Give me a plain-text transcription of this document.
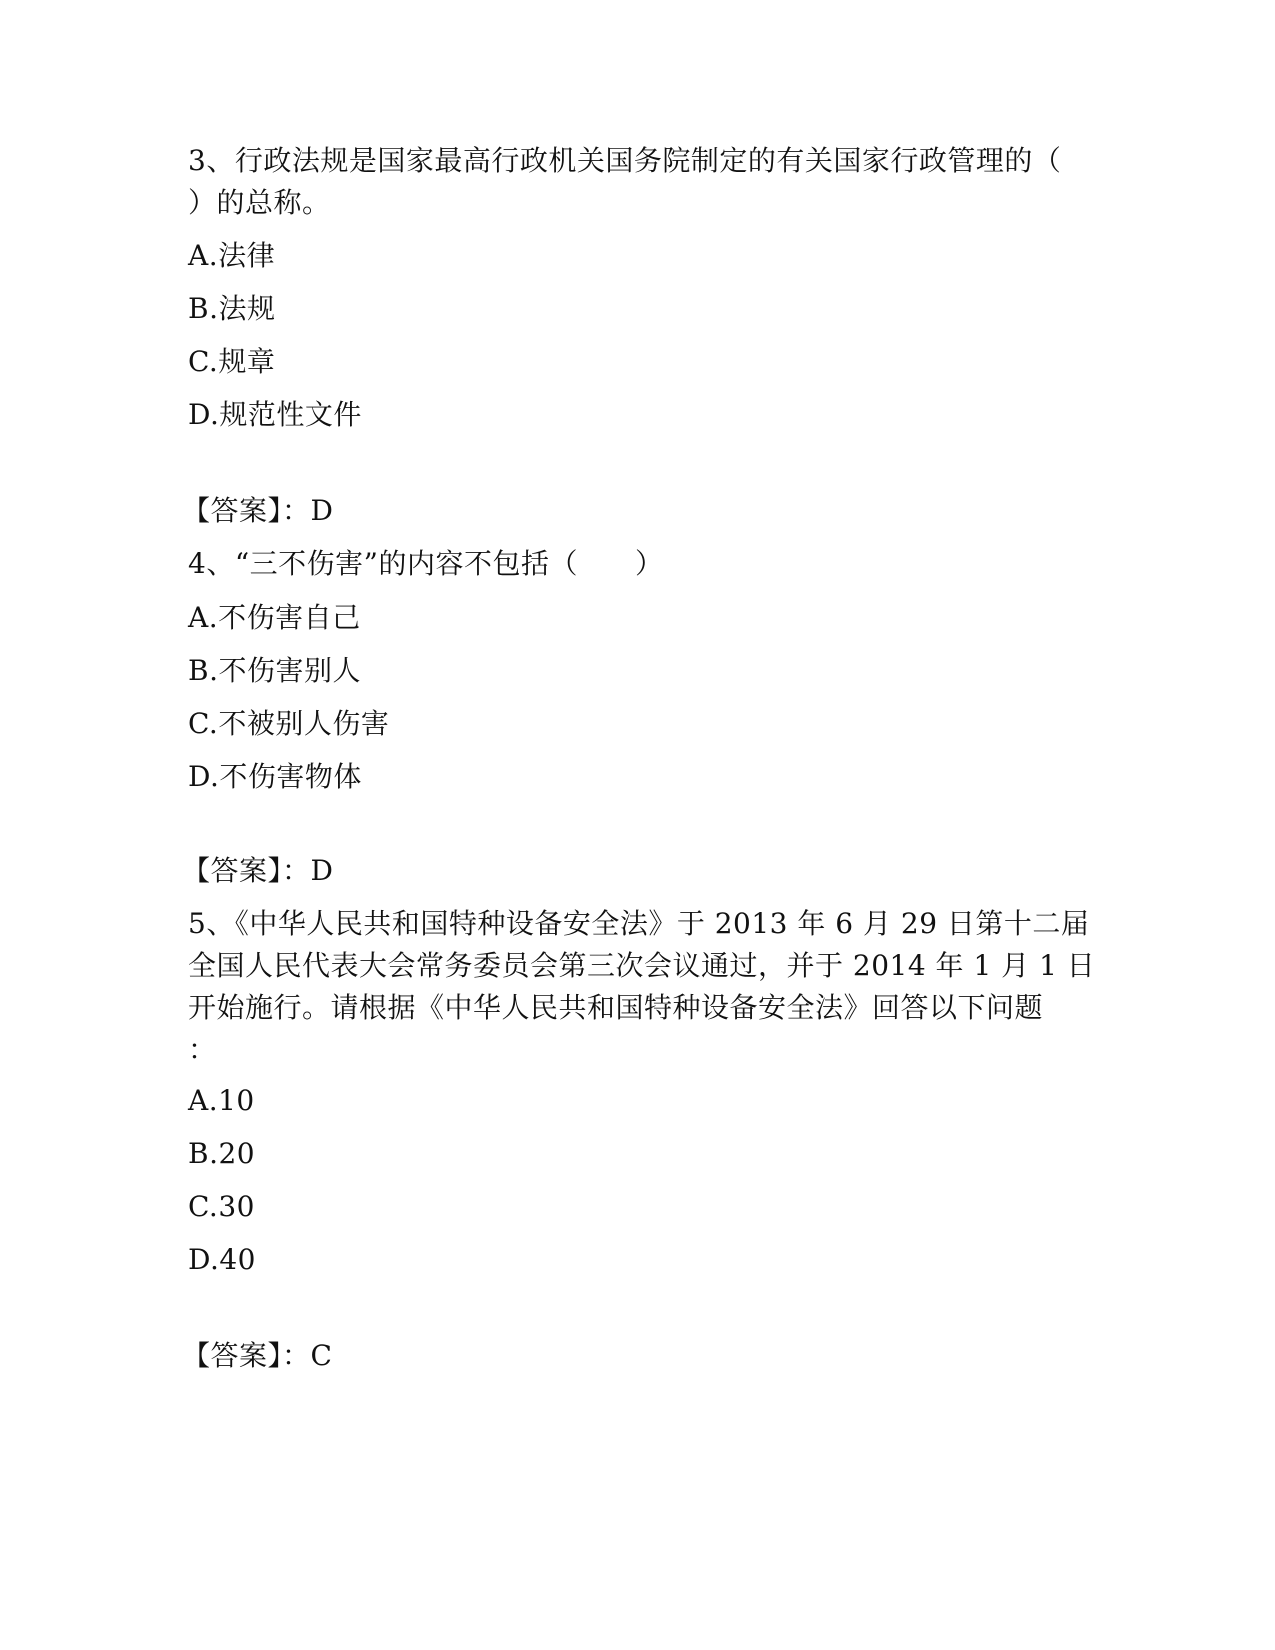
3、行政法规是国家最高行政机关国务院制定的有关国家行政管理的（
）的总称。
A.法律
B.法规
C.规章
D.规范性文件
【答案】：D
4、“三不伤害”的内容不包括（　　）
A.不伤害自己
B.不伤害别人
C.不被别人伤害
D.不伤害物体
【答案】：D
5、《中华人民共和国特种设备安全法》于 2013 年 6 月 29 日第十二届
全国人民代表大会常务委员会第三次会议通过，并于 2014 年 1 月 1 日
开始施行。请根据《中华人民共和国特种设备安全法》回答以下问题
：
A.10
B.20
C.30
D.40
【答案】：C
